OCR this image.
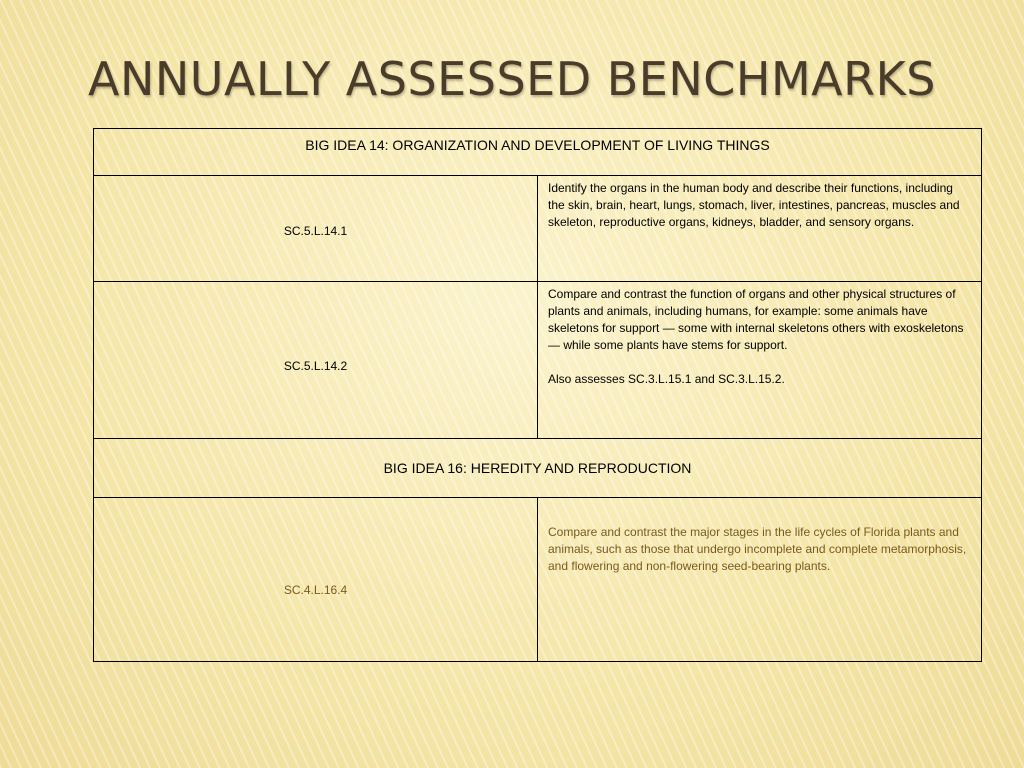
ANNUALLY ASSESSED BENCHMARKS
BIG IDEA 14: ORGANIZATION AND DEVELOPMENT OF LIVING THINGS	

SC.5.L.14.1	Identify the organs in the human body and describe their functions, including the skin, brain, heart, lungs, stomach, liver, intestines, pancreas, muscles and skeleton, reproductive organs, kidneys, bladder, and sensory organs.

SC.5.L.14.2	Compare and contrast the function of organs and other physical structures of plants and animals, including humans, for example: some animals have skeletons for support — some with internal skeletons others with exoskeletons — while some plants have stems for support.

Also assesses SC.3.L.15.1 and SC.3.L.15.2.

BIG IDEA 16: HEREDITY AND REPRODUCTION	

SC.4.L.16.4	Compare and contrast the major stages in the life cycles of Florida plants and animals, such as those that undergo incomplete and complete metamorphosis, and flowering and non-flowering seed-bearing plants.
